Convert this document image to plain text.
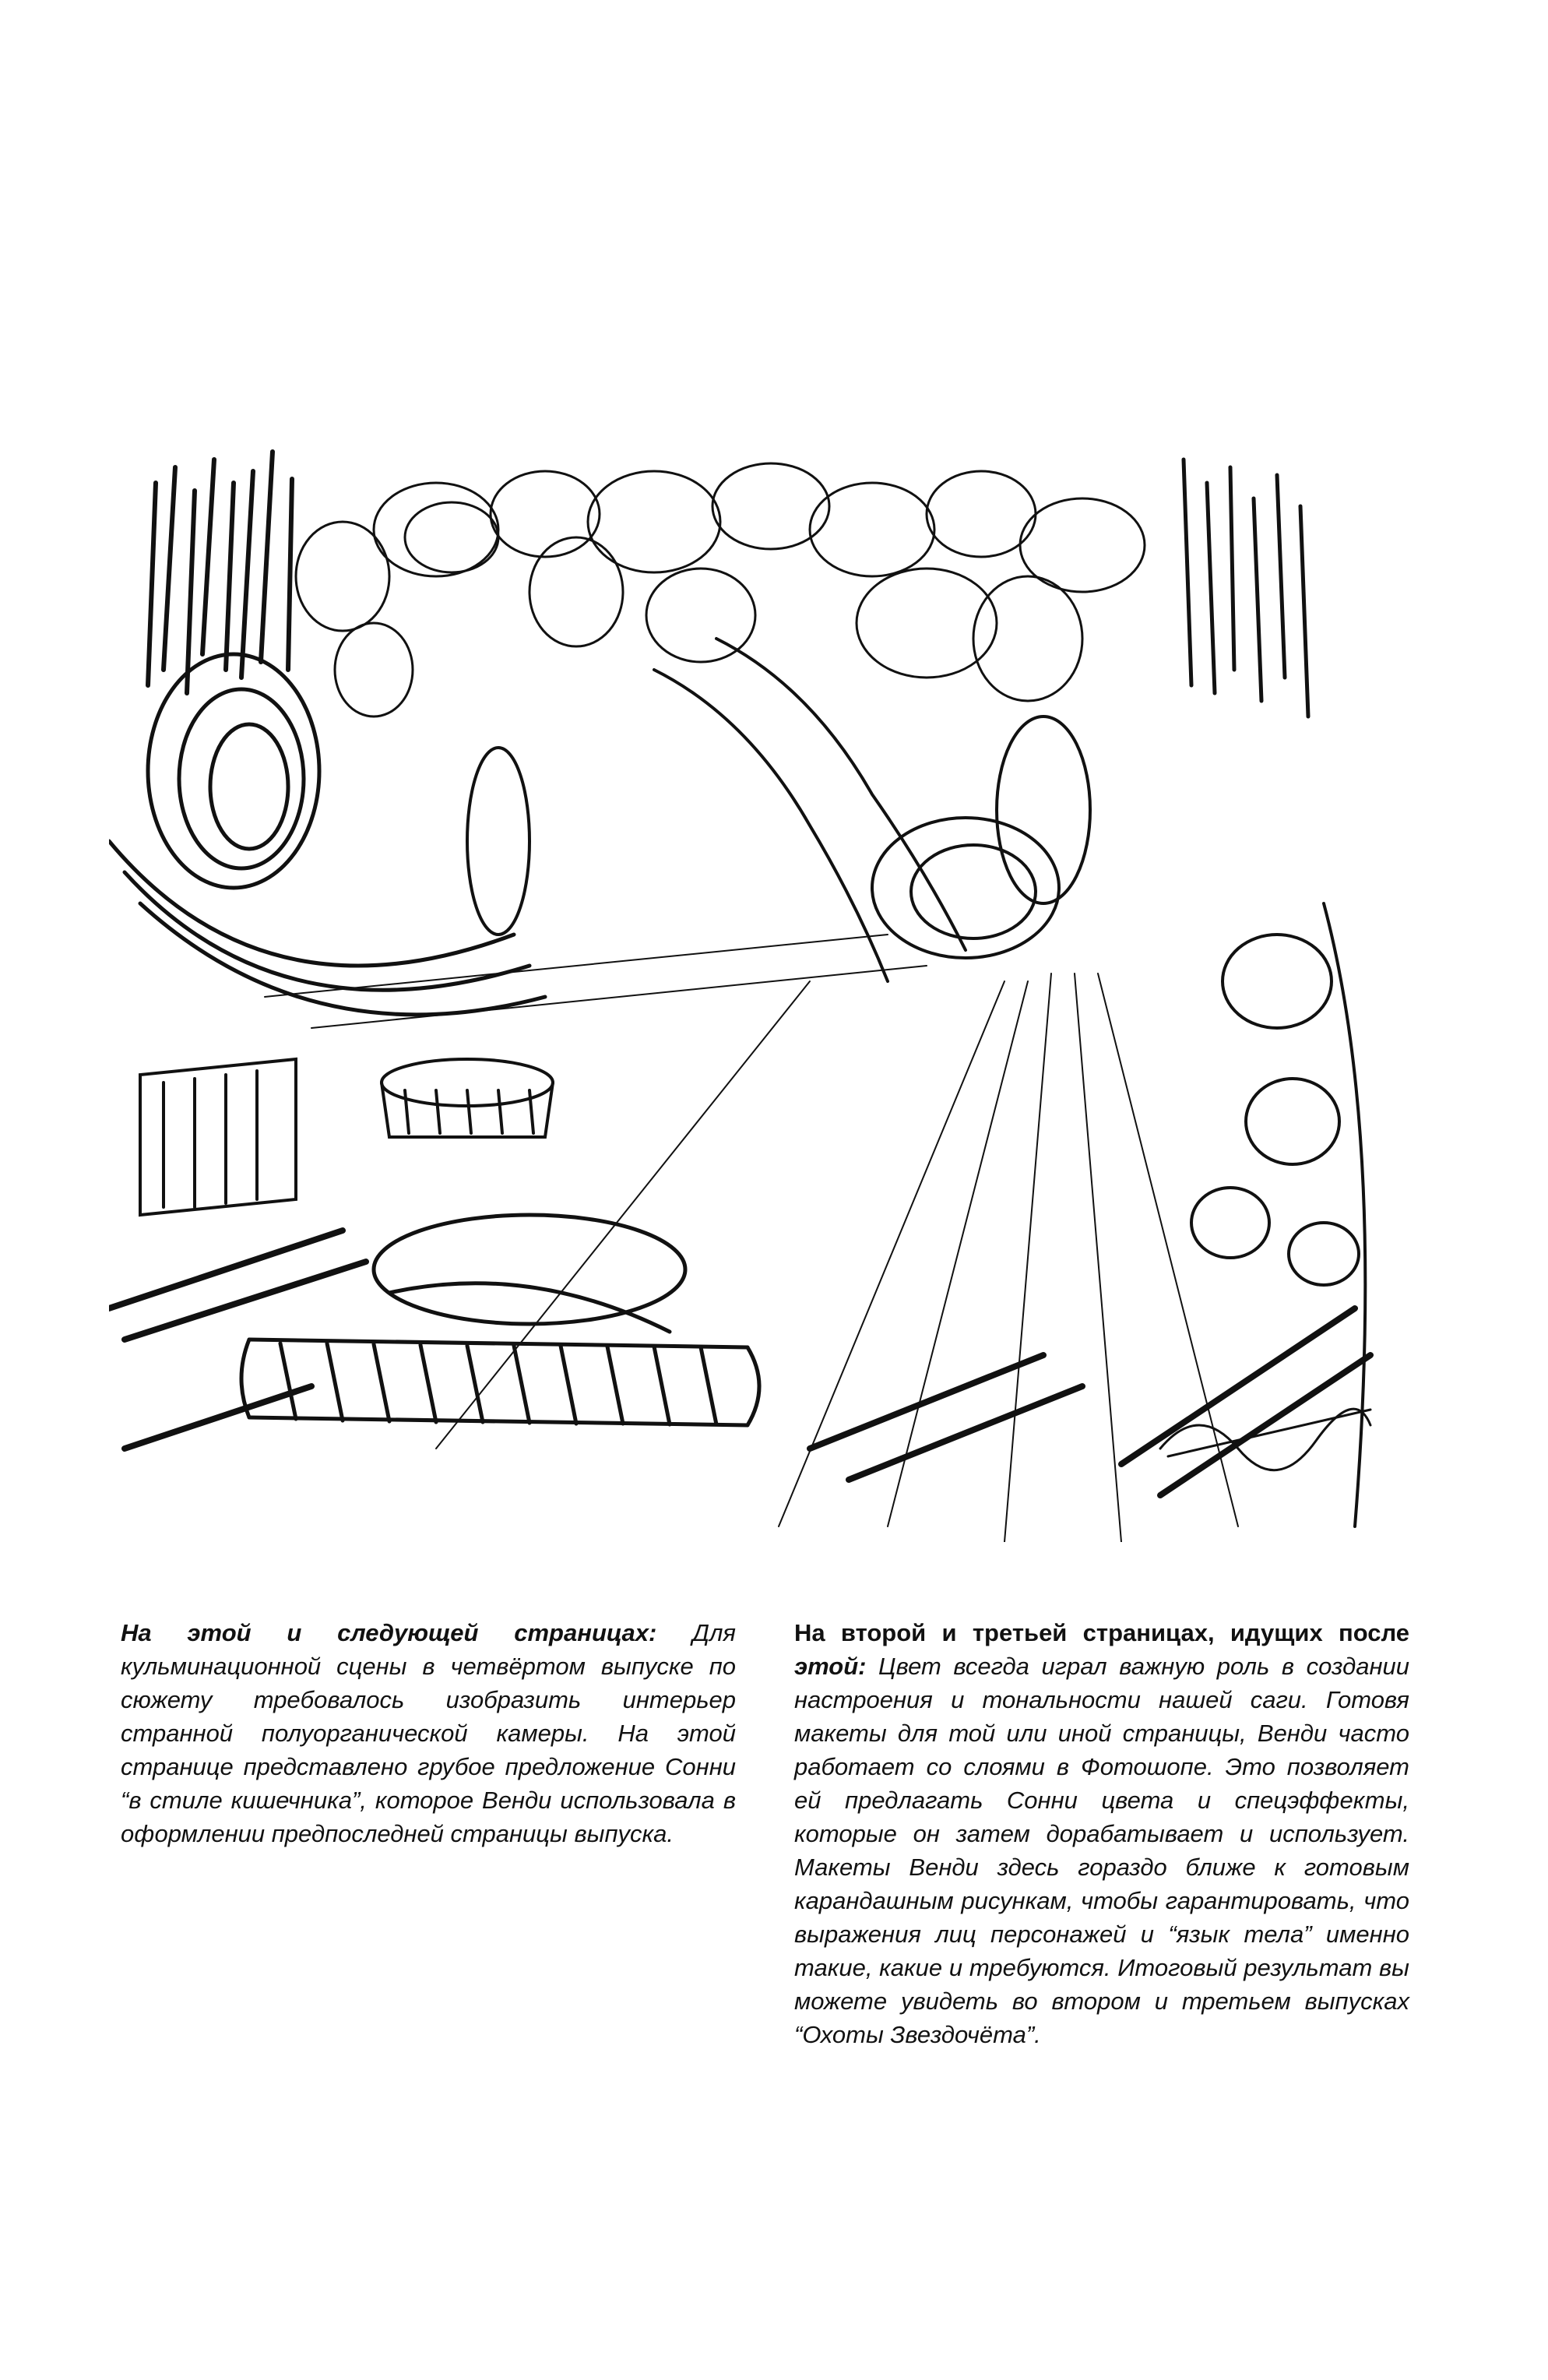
На этой и следующей страницах: Для кульминационной сцены в четвёртом выпуске по сюжету требовалось изобразить интерьер странной полуорганической камеры. На этой странице представлено грубое предложение Сонни “в стиле кишечника”, которое Венди использовала в оформлении предпоследней страницы выпуска.
На второй и третьей страницах, идущих после этой: Цвет всегда играл важную роль в создании настроения и тональности нашей саги. Готовя макеты для той или иной страницы, Венди часто работает со слоями в Фотошопе. Это позволяет ей предлагать Сонни цвета и спецэффекты, которые он затем дорабатывает и использует. Макеты Венди здесь гораздо ближе к готовым карандашным рисункам, чтобы гарантировать, что выражения лиц персонажей и “язык тела” именно такие, какие и требуются. Итоговый результат вы можете увидеть во втором и третьем выпусках “Охоты Звездочёта”.
